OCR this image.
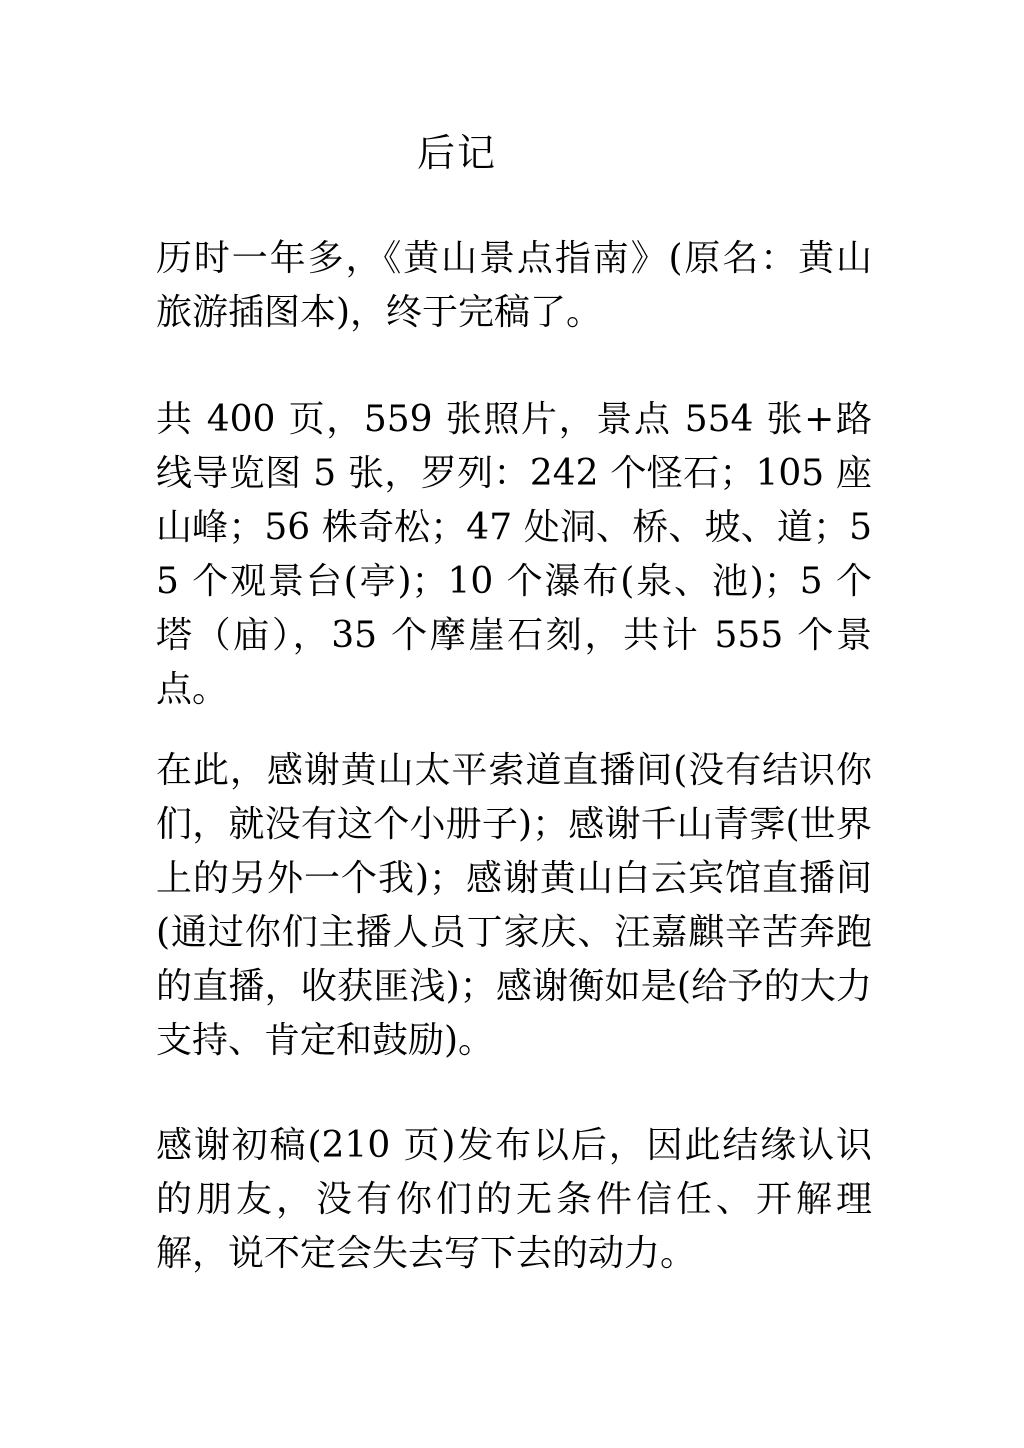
后记

历时一年多，《黄山景点指南》(原名：黄山旅游插图本)，终于完稿了。

共 400 页，559 张照片，景点 554 张+路线导览图 5 张，罗列：242 个怪石；105 座山峰；56 株奇松；47 处洞、桥、坡、道；55 个观景台(亭)；10 个瀑布(泉、池)；5 个塔（庙），35 个摩崖石刻，共计 555 个景点。

在此，感谢黄山太平索道直播间(没有结识你们，就没有这个小册子)；感谢千山青霁(世界上的另外一个我)；感谢黄山白云宾馆直播间(通过你们主播人员丁家庆、汪嘉麒辛苦奔跑的直播，收获匪浅)；感谢衡如是(给予的大力支持、肯定和鼓励)。

感谢初稿(210 页)发布以后，因此结缘认识的朋友，没有你们的无条件信任、开解理解，说不定会失去写下去的动力。
